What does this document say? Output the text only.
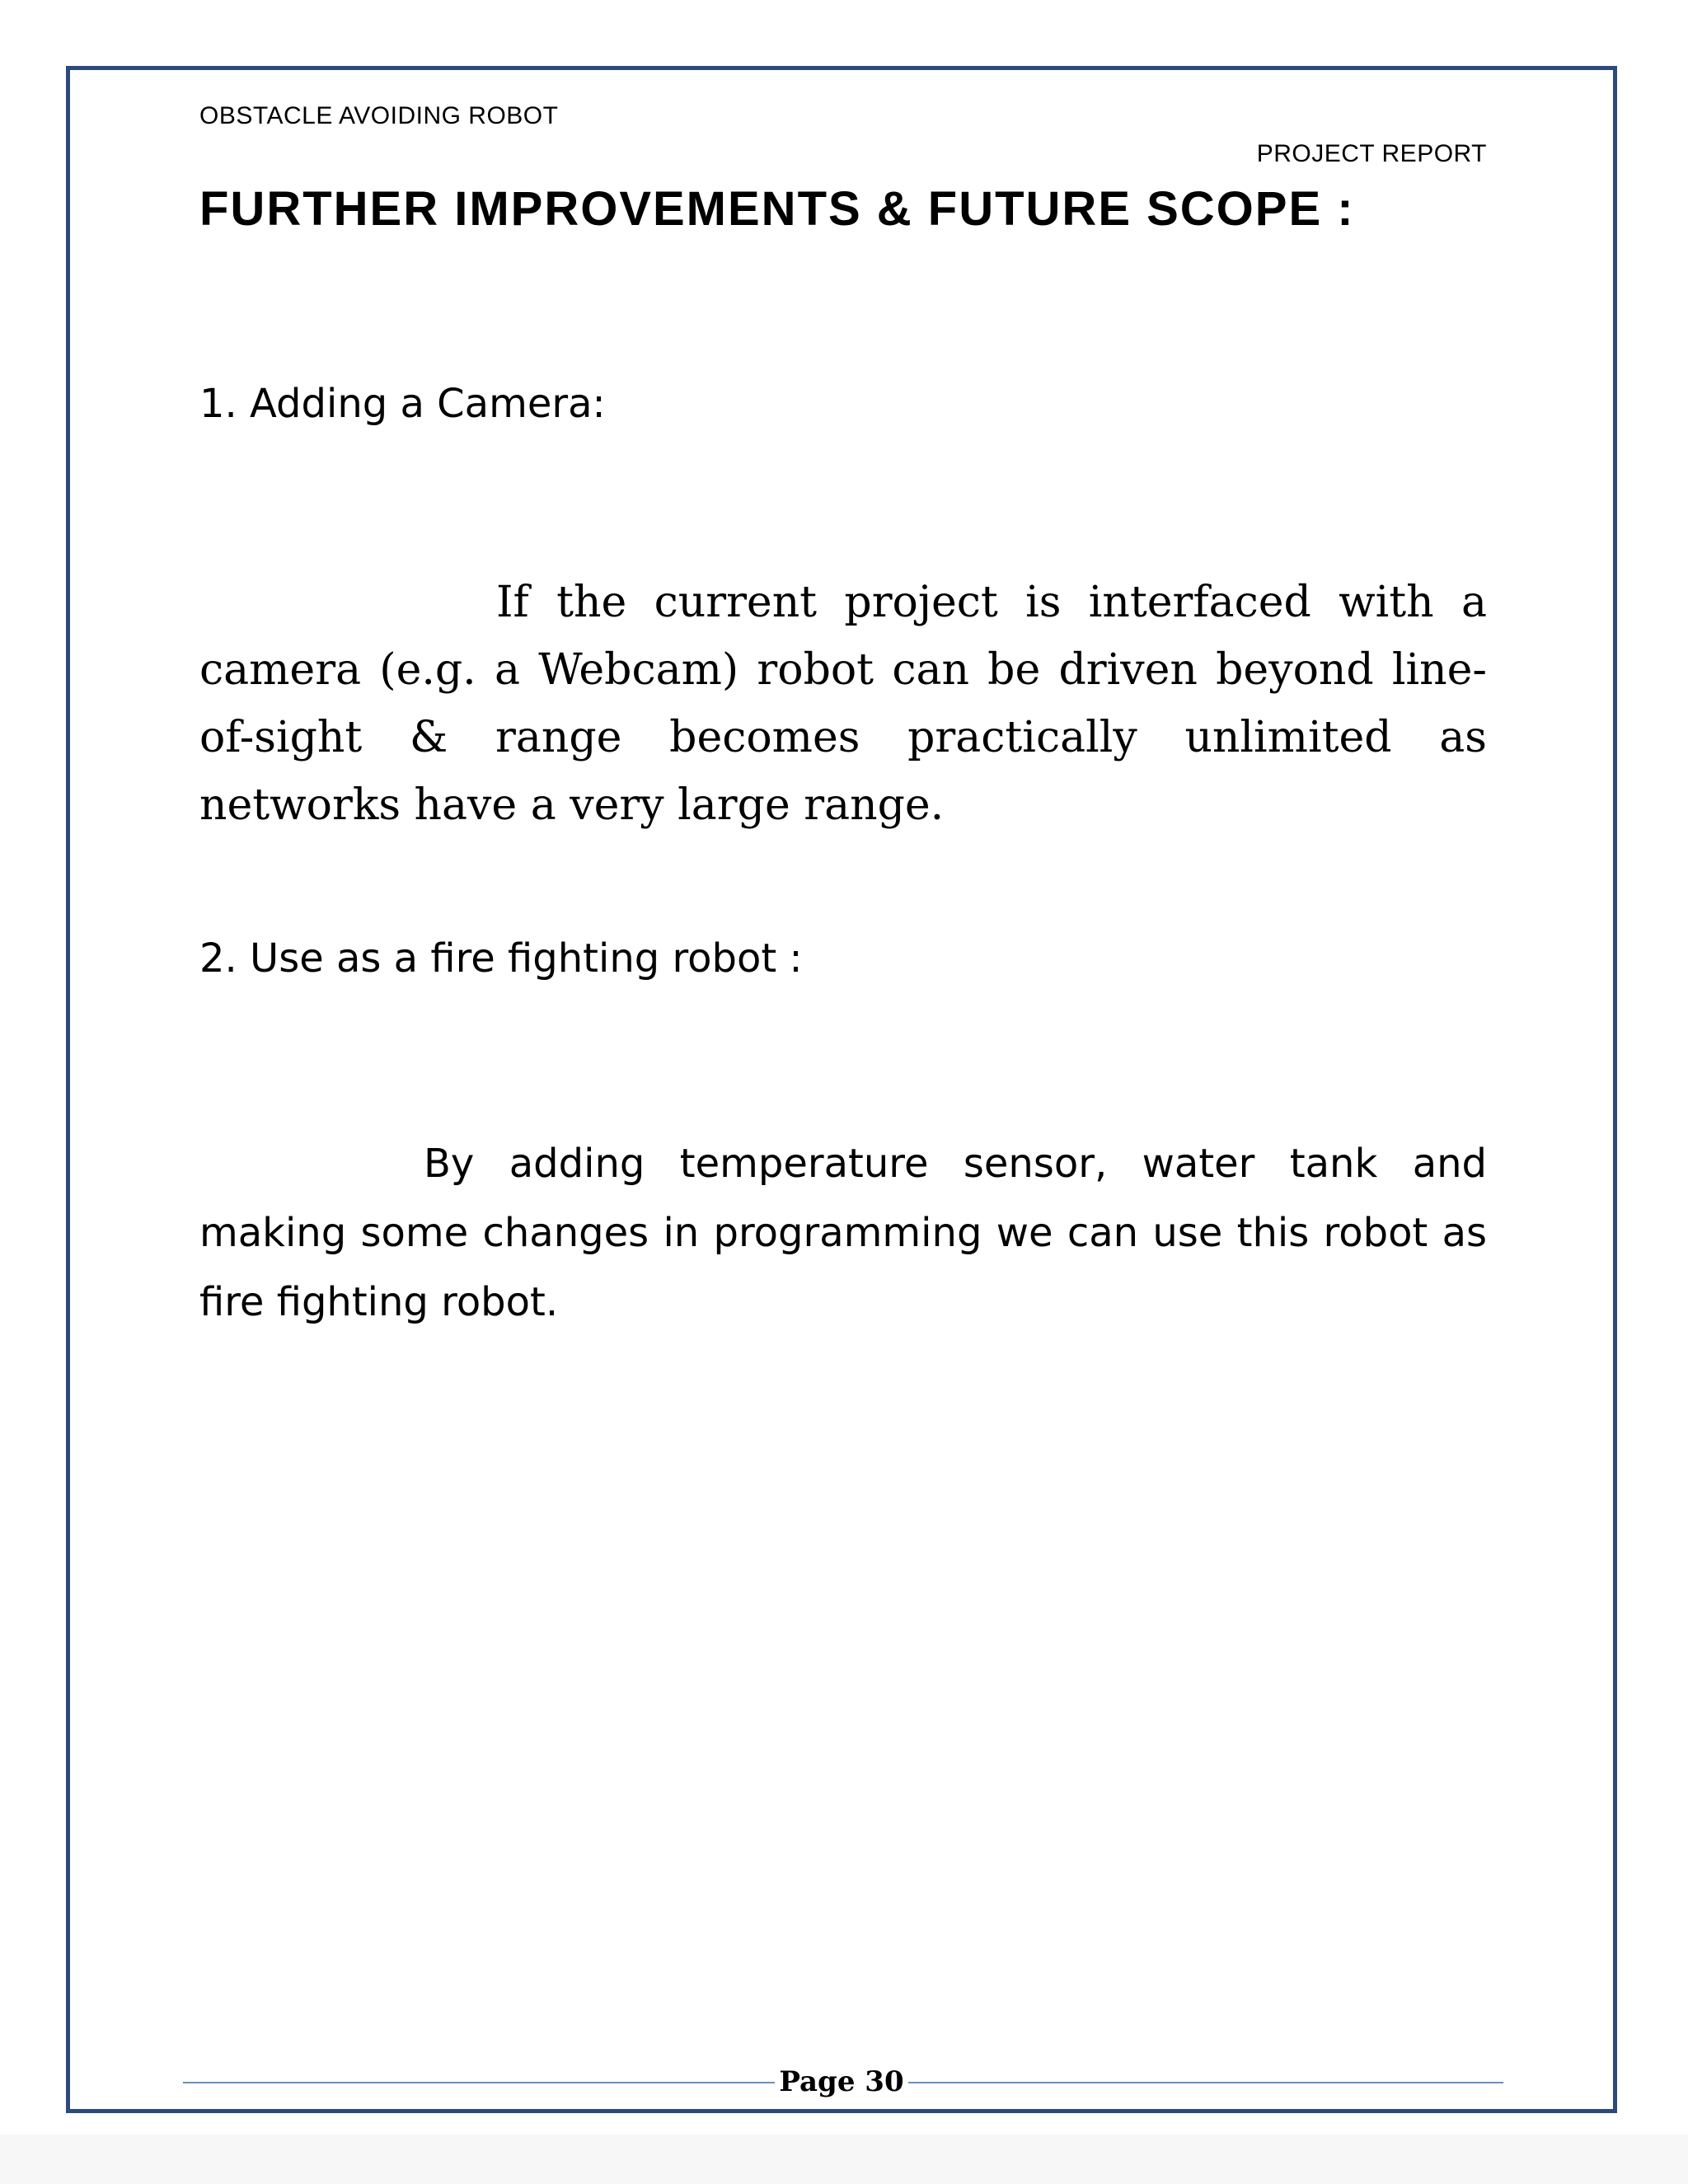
OBSTACLE AVOIDING ROBOT
PROJECT REPORT
FURTHER IMPROVEMENTS & FUTURE SCOPE :
1. Adding a Camera:
If the current project is interfaced with a camera (e.g. a Webcam) robot can be driven beyond line-of-sight & range becomes practically unlimited as networks have a very large range.
2. Use as a fire fighting robot :
By adding temperature sensor, water tank and making some changes in programming we can use this robot as fire fighting robot.
Page 30
